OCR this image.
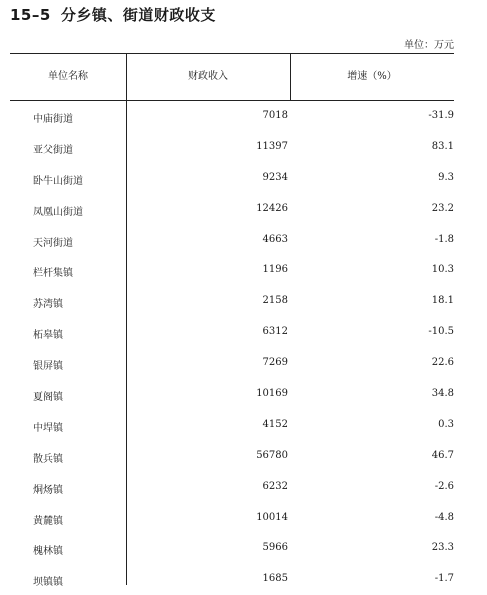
15–5 分乡镇、街道财政收支
单位：万元
单位名称	财政收入	增速（%）
中庙街道	7018	-31.9
亚父街道	11397	83.1
卧牛山街道	9234	9.3
凤凰山街道	12426	23.2
天河街道	4663	-1.8
栏杆集镇	1196	10.3
苏湾镇	2158	18.1
柘皋镇	6312	-10.5
银屏镇	7269	22.6
夏阁镇	10169	34.8
中垾镇	4152	0.3
散兵镇	56780	46.7
烔炀镇	6232	-2.6
黄麓镇	10014	-4.8
槐林镇	5966	23.3
坝镇镇	1685	-1.7
